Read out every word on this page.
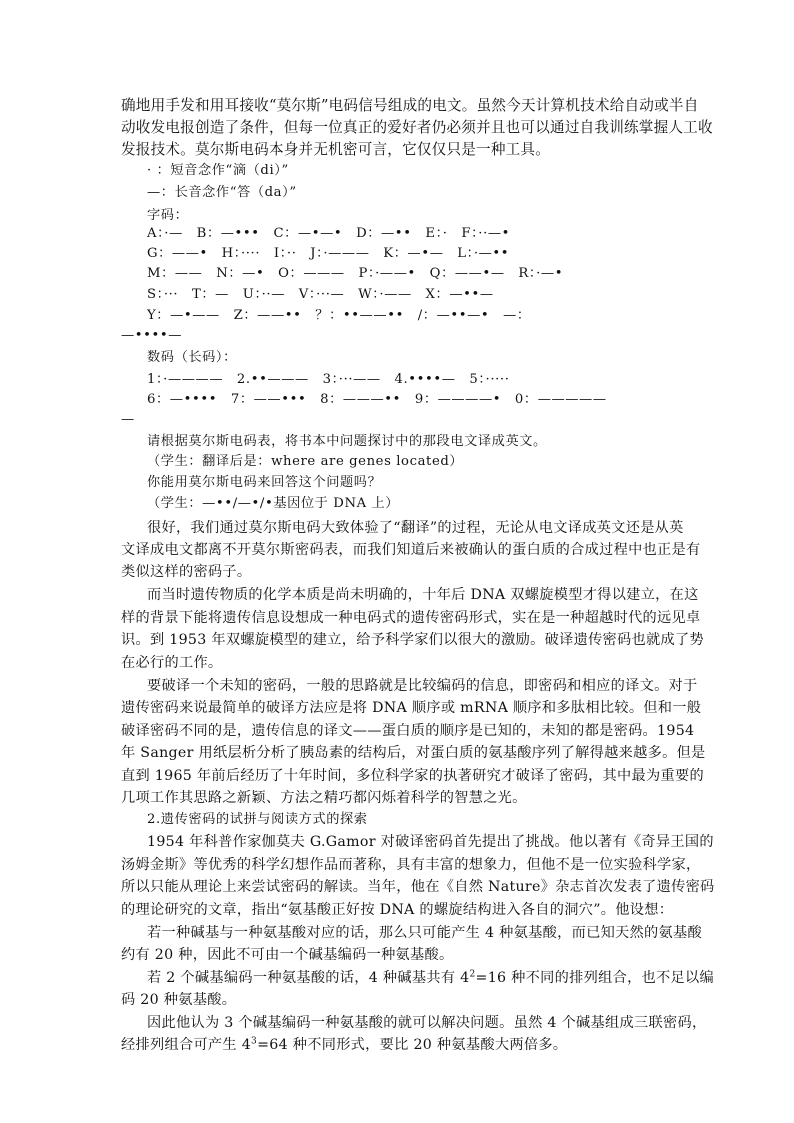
确地用手发和用耳接收“莫尔斯”电码信号组成的电文。虽然今天计算机技术给自动或半自
动收发电报创造了条件，但每一位真正的爱好者仍必须并且也可以通过自我训练掌握人工收
发报技术。莫尔斯电码本身并无机密可言，它仅仅只是一种工具。
· ：短音念作“滴（di）”
—：长音念作“答（da）”
字码：
A：·—　B：—•••　C：—•—•　D：—••　E：·　F：··—•
G：——•　H：····　I：··　J：·———　K：—•—　L：·—••
M：——　N：—•　O：———　P：·——•　Q：——•—　R：·—•
S：···　T：—　U：··—　V：···—　W：·——　X：—••—
Y：—•——　Z：——••　？：••——••　/：—••—•　—：
—••••—
数码（长码）：
1：·————　2.••———　3：···——　4.••••—　5：·····
6：—••••　7：——•••　8：———••　9：————•　0：—————
—
请根据莫尔斯电码表，将书本中问题探讨中的那段电文译成英文。
（学生：翻译后是：where are genes located）
你能用莫尔斯电码来回答这个问题吗？
（学生：—••/—•/•基因位于 DNA 上）
很好，我们通过莫尔斯电码大致体验了“翻译”的过程，无论从电文译成英文还是从英
文译成电文都离不开莫尔斯密码表，而我们知道后来被确认的蛋白质的合成过程中也正是有
类似这样的密码子。
而当时遗传物质的化学本质是尚未明确的，十年后 DNA 双螺旋模型才得以建立，在这
样的背景下能将遗传信息设想成一种电码式的遗传密码形式，实在是一种超越时代的远见卓
识。到 1953 年双螺旋模型的建立，给予科学家们以很大的激励。破译遗传密码也就成了势
在必行的工作。
要破译一个未知的密码，一般的思路就是比较编码的信息，即密码和相应的译文。对于
遗传密码来说最简单的破译方法应是将 DNA 顺序或 mRNA 顺序和多肽相比较。但和一般
破译密码不同的是，遗传信息的译文——蛋白质的顺序是已知的，未知的都是密码。1954
年 Sanger 用纸层析分析了胰岛素的结构后，对蛋白质的氨基酸序列了解得越来越多。但是
直到 1965 年前后经历了十年时间，多位科学家的执著研究才破译了密码，其中最为重要的
几项工作其思路之新颖、方法之精巧都闪烁着科学的智慧之光。
2.遗传密码的试拼与阅读方式的探索
1954 年科普作家伽莫夫 G.Gamor 对破译密码首先提出了挑战。他以著有《奇异王国的
汤姆金斯》等优秀的科学幻想作品而著称，具有丰富的想象力，但他不是一位实验科学家，
所以只能从理论上来尝试密码的解读。当年，他在《自然 Nature》杂志首次发表了遗传密码
的理论研究的文章，指出“氨基酸正好按 DNA 的螺旋结构进入各自的洞穴”。他设想：
若一种碱基与一种氨基酸对应的话，那么只可能产生 4 种氨基酸，而已知天然的氨基酸
约有 20 种，因此不可由一个碱基编码一种氨基酸。
若 2 个碱基编码一种氨基酸的话，4 种碱基共有 $4^2=16$ 种不同的排列组合，也不足以编
码 20 种氨基酸。
因此他认为 3 个碱基编码一种氨基酸的就可以解决问题。虽然 4 个碱基组成三联密码，
经排列组合可产生 $4^3=64$ 种不同形式，要比 20 种氨基酸大两倍多。
